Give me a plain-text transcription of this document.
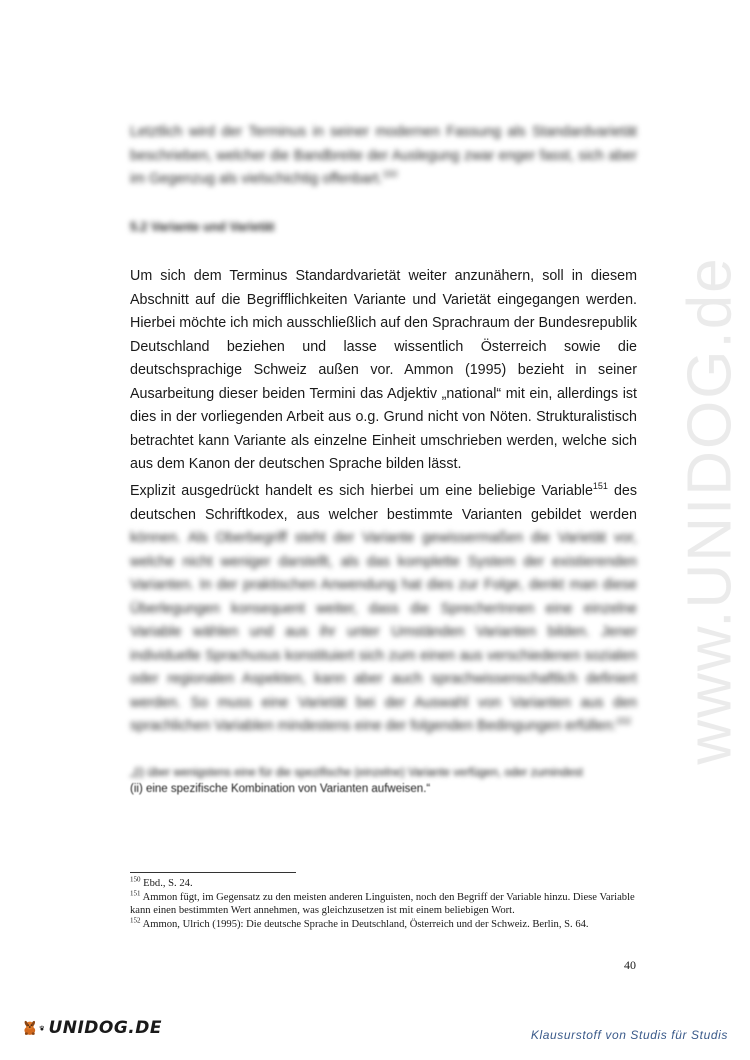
www.UNIDOG.de

Letztlich wird der Terminus in seiner modernen Fassung als Standardvarietät beschrieben, welcher die Bandbreite der Auslegung zwar enger fasst, sich aber im Gegenzug als vielschichtig offenbart.$^{150}$

5.2 Variante und Varietät

Um sich dem Terminus Standardvarietät weiter anzunähern, soll in diesem Abschnitt auf die Begrifflichkeiten Variante und Varietät eingegangen werden. Hierbei möchte ich mich ausschließlich auf den Sprachraum der Bundesrepublik Deutschland beziehen und lasse wissentlich Österreich sowie die deutschsprachige Schweiz außen vor. Ammon (1995) bezieht in seiner Ausarbeitung dieser beiden Termini das Adjektiv „national“ mit ein, allerdings ist dies in der vorliegenden Arbeit aus o.g. Grund nicht von Nöten. Strukturalistisch betrachtet kann Variante als einzelne Einheit umschrieben werden, welche sich aus dem Kanon der deutschen Sprache bilden lässt.

Explizit ausgedrückt handelt es sich hierbei um eine beliebige Variable$^{151}$ des deutschen Schriftkodex, aus welcher bestimmte Varianten gebildet werden können. Als Oberbegriff steht der Variante gewissermaßen die Varietät vor, welche nicht weniger darstellt, als das komplette System der existierenden Varianten. In der praktischen Anwendung hat dies zur Folge, denkt man diese Überlegungen konsequent weiter, dass die SprecherInnen eine einzelne Variable wählen und aus ihr unter Umständen Varianten bilden. Jener individuelle Sprachusus konstituiert sich zum einen aus verschiedenen sozialen oder regionalen Aspekten, kann aber auch sprachwissenschaftlich definiert werden. So muss eine Varietät bei der Auswahl von Varianten aus den sprachlichen Variablen mindestens eine der folgenden Bedingungen erfüllen:$^{152}$

„(i) über wenigstens eine für die spezifische (einzelne) Variante verfügen, oder zumindest
(ii) eine spezifische Kombination von Varianten aufweisen.“

$^{150}$ Ebd., S. 24.
$^{151}$ Ammon fügt, im Gegensatz zu den meisten anderen Linguisten, noch den Begriff der Variable hinzu. Diese Variable kann einen bestimmten Wert annehmen, was gleichzusetzen ist mit einem beliebigen Wort.
$^{152}$ Ammon, Ulrich (1995): Die deutsche Sprache in Deutschland, Österreich und der Schweiz. Berlin, S. 64.

40
UNIDOG.DE	Klausurstoff von Studis für Studis
